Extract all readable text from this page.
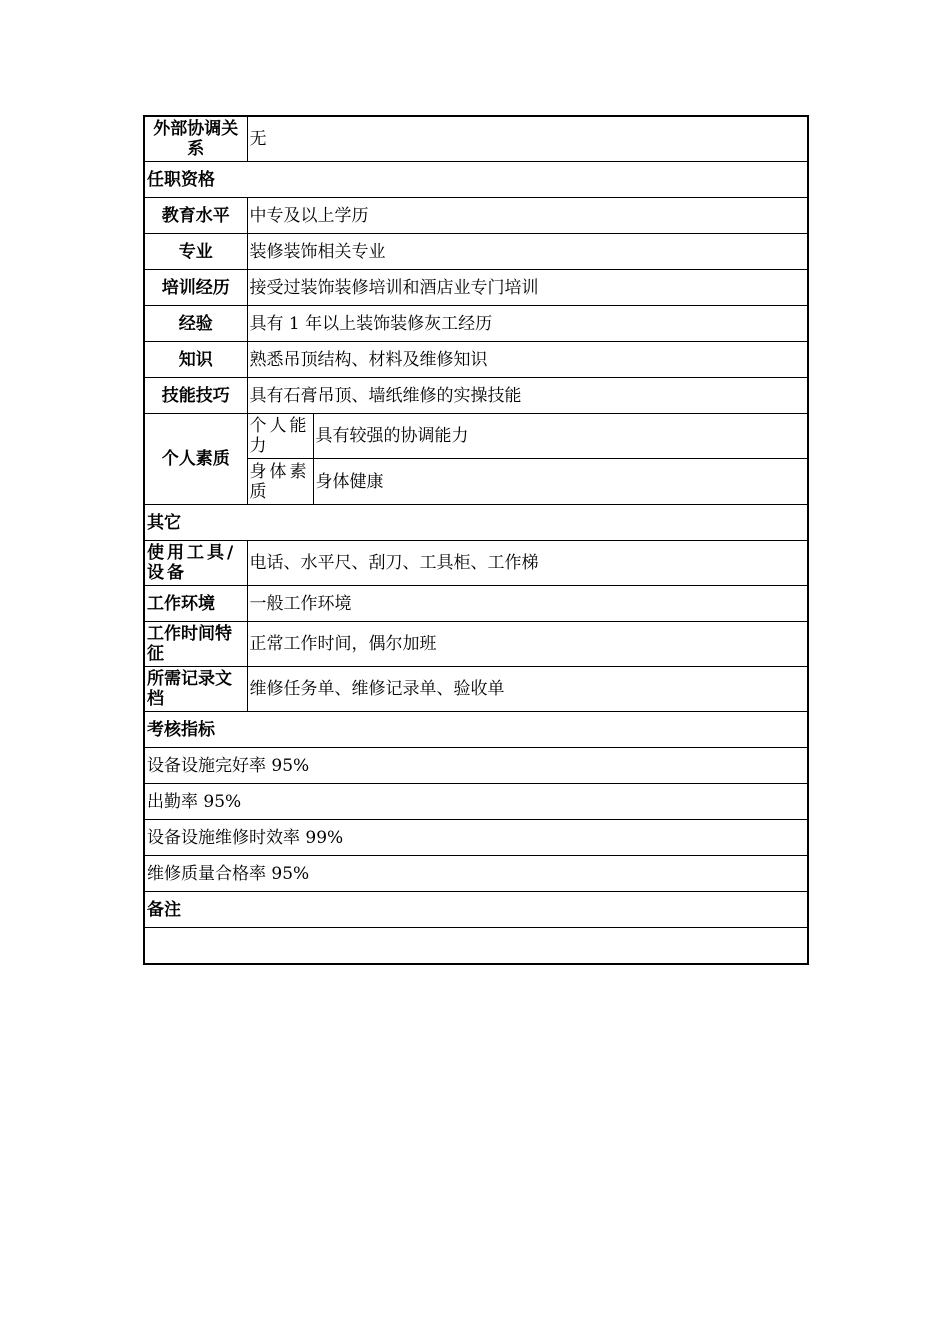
外部协调关系	无	
任职资格		
教育水平	中专及以上学历	
专业	装修装饰相关专业	
培训经历	接受过装饰装修培训和酒店业专门培训	
经验	具有 1 年以上装饰装修灰工经历	
知识	熟悉吊顶结构、材料及维修知识	
技能技巧	具有石膏吊顶、墙纸维修的实操技能	
个人素质	个人能力	具有较强的协调能力
	身体素质	身体健康
其它		
使用工具/设备	电话、水平尺、刮刀、工具柜、工作梯	
工作环境	一般工作环境	
工作时间特征	正常工作时间，偶尔加班	
所需记录文档	维修任务单、维修记录单、验收单	
考核指标		
设备设施完好率 95%		
出勤率 95%		
设备设施维修时效率 99%		
维修质量合格率 95%		
备注		
